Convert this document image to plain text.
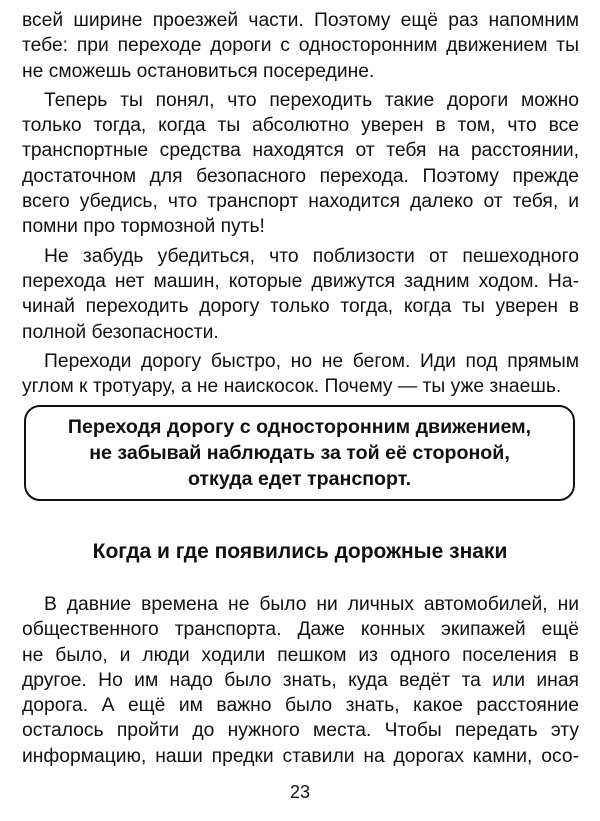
всей ширине проезжей части. Поэтому ещё раз напомним
тебе: при переходе дороги с односторонним движением ты
не сможешь остановиться посередине.

Теперь ты понял, что переходить такие дороги можно
только тогда, когда ты абсолютно уверен в том, что все
транспортные средства находятся от тебя на расстоянии,
достаточном для безопасного перехода. Поэтому прежде
всего убедись, что транспорт находится далеко от тебя, и
помни про тормозной путь!

Не забудь убедиться, что поблизости от пешеходного
перехода нет машин, которые движутся задним ходом. На-
чинай переходить дорогу только тогда, когда ты уверен в
полной безопасности.

Переходи дорогу быстро, но не бегом. Иди под прямым
углом к тротуару, а не наискосок. Почему — ты уже знаешь.

Переходя дорогу с односторонним движением,
не забывай наблюдать за той её стороной,
откуда едет транспорт.
Когда и где появились дорожные знаки

В давние времена не было ни личных автомобилей, ни
общественного транспорта. Даже конных экипажей ещё
не было, и люди ходили пешком из одного поселения в
другое. Но им надо было знать, куда ведёт та или иная
дорога. А ещё им важно было знать, какое расстояние
осталось пройти до нужного места. Чтобы передать эту
информацию, наши предки ставили на дорогах камни, осо-

23
